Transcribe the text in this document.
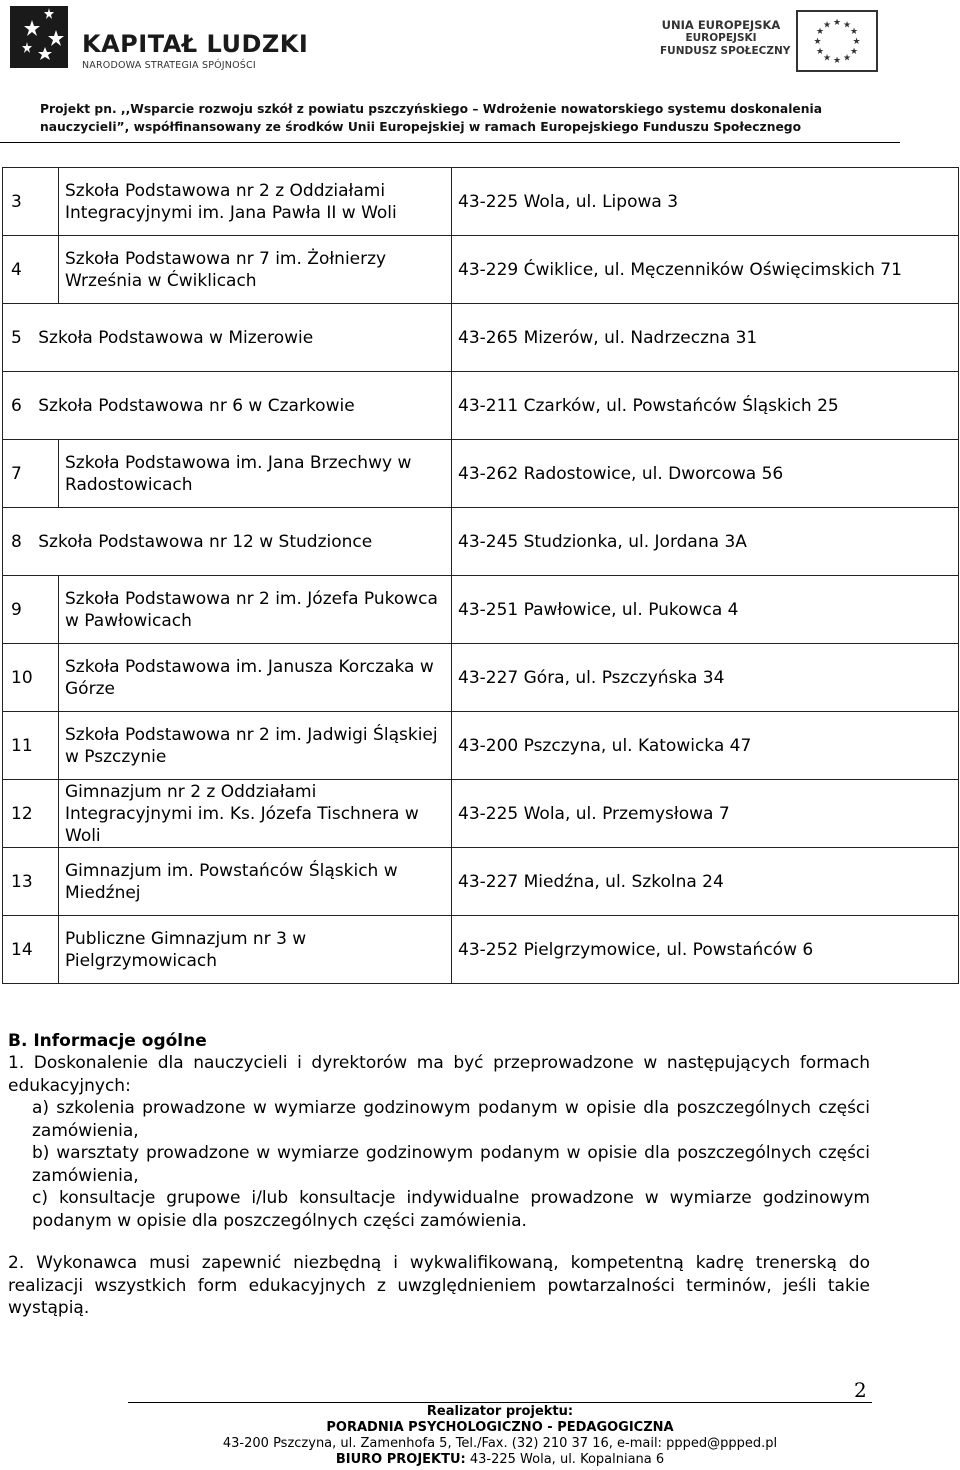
KAPITAŁ LUDZKI
NARODOWA STRATEGIA SPÓJNOŚCI
UNIA EUROPEJSKA
EUROPEJSKI
FUNDUSZ SPOŁECZNY
★ ★
★
★
★
★
★
★
★
★
★
★
Projekt pn. ,,Wsparcie rozwoju szkół z powiatu pszczyńskiego – Wdrożenie nowatorskiego systemu doskonalenia
nauczycieli”, współfinansowany ze środków Unii Europejskiej w ramach Europejskiego Funduszu Społecznego
3	Szkoła Podstawowa nr 2 z Oddziałami Integracyjnymi im. Jana Pawła II w Woli	43-225 Wola, ul. Lipowa 3
4	Szkoła Podstawowa nr 7 im. Żołnierzy Września w Ćwiklicach	43-229 Ćwiklice, ul. Męczenników Oświęcimskich 71
5 Szkoła Podstawowa w Mizerowie		43-265 Mizerów, ul. Nadrzeczna 31
6 Szkoła Podstawowa nr 6 w Czarkowie		43-211 Czarków, ul. Powstańców Śląskich 25
7	Szkoła Podstawowa im. Jana Brzechwy w Radostowicach	43-262 Radostowice, ul. Dworcowa 56
8 Szkoła Podstawowa nr 12 w Studzionce		43-245 Studzionka, ul. Jordana 3A
9	Szkoła Podstawowa nr 2 im. Józefa Pukowca w Pawłowicach	43-251 Pawłowice, ul. Pukowca 4
10	Szkoła Podstawowa im. Janusza Korczaka w Górze	43-227 Góra, ul. Pszczyńska 34
11	Szkoła Podstawowa nr 2 im. Jadwigi Śląskiej w Pszczynie	43-200 Pszczyna, ul. Katowicka 47
12	Gimnazjum nr 2 z Oddziałami Integracyjnymi im. Ks. Józefa Tischnera w Woli	43-225 Wola, ul. Przemysłowa 7
13	Gimnazjum im. Powstańców Śląskich w Miedźnej	43-227 Miedźna, ul. Szkolna 24
14	Publiczne Gimnazjum nr 3 w Pielgrzymowicach	43-252 Pielgrzymowice, ul. Powstańców 6
B. Informacje ogólne
1. Doskonalenie dla nauczycieli i dyrektorów ma być przeprowadzone w następujących formach edukacyjnych:
a) szkolenia prowadzone w wymiarze godzinowym podanym w opisie dla poszczególnych części zamówienia,
b) warsztaty prowadzone w wymiarze godzinowym podanym w opisie dla poszczególnych części zamówienia,
c) konsultacje grupowe i/lub konsultacje indywidualne prowadzone w wymiarze godzinowym podanym w opisie dla poszczególnych części zamówienia.
2. Wykonawca musi zapewnić niezbędną i wykwalifikowaną, kompetentną kadrę trenerską do realizacji wszystkich form edukacyjnych z uwzględnieniem powtarzalności terminów, jeśli takie wystąpią.
2
Realizator projektu:
PORADNIA PSYCHOLOGICZNO - PEDAGOGICZNA
43-200 Pszczyna, ul. Zamenhofa 5, Tel./Fax. (32) 210 37 16, e-mail: ppped@ppped.pl
BIURO PROJEKTU: 43-225 Wola, ul. Kopalniana 6
